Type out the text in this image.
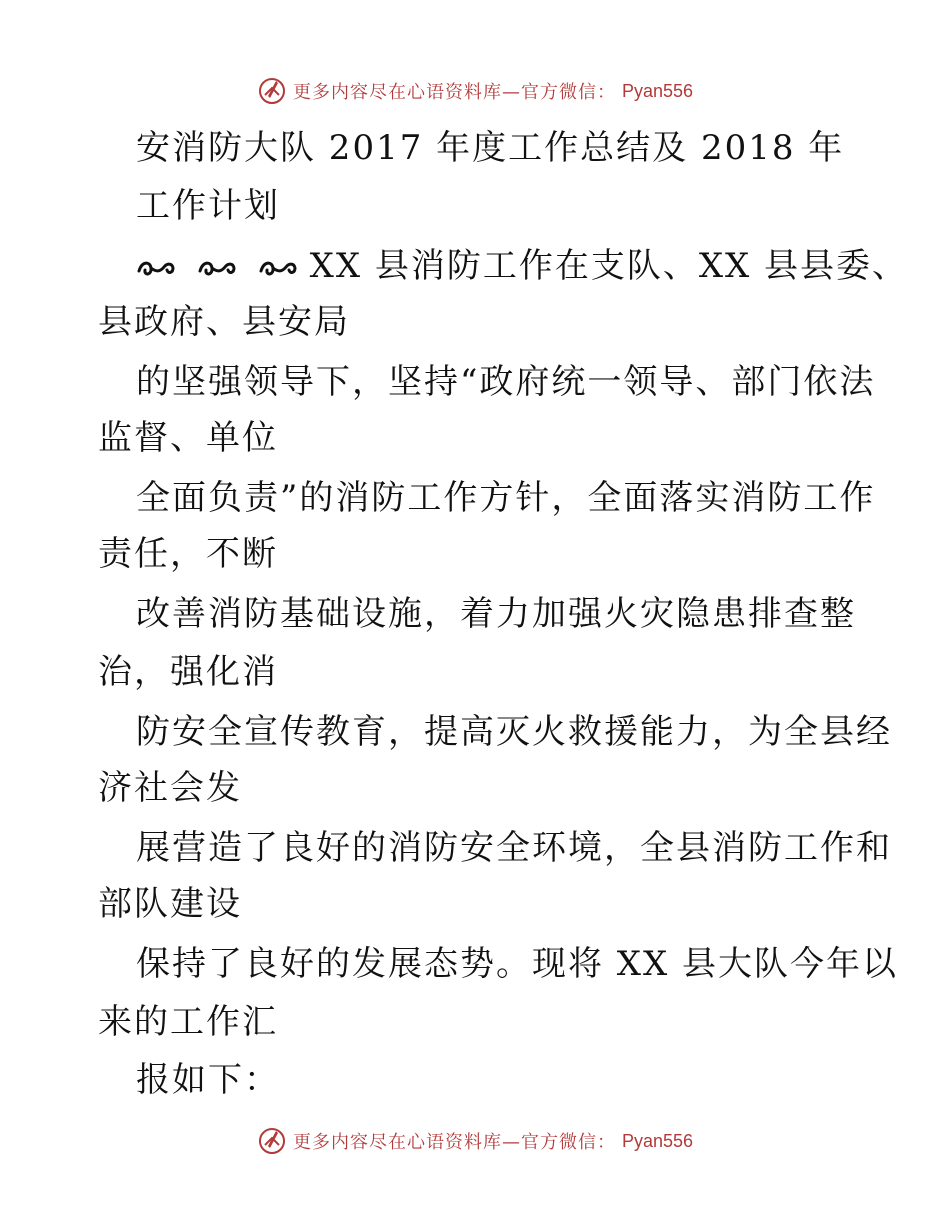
更多内容尽在心语资料库—官方微信： Pyan556
安消防大队 2017 年度工作总结及 2018 年
工作计划
XX 县消防工作在支队、XX 县县委、
县政府、县安局
的坚强领导下，坚持“政府统一领导、部门依法
监督、单位
全面负责”的消防工作方针，全面落实消防工作
责任，不断
改善消防基础设施，着力加强火灾隐患排查整
治，强化消
防安全宣传教育，提高灭火救援能力，为全县经
济社会发
展营造了良好的消防安全环境，全县消防工作和
部队建设
保持了良好的发展态势。现将 XX 县大队今年以
来的工作汇
报如下：
更多内容尽在心语资料库—官方微信： Pyan556
